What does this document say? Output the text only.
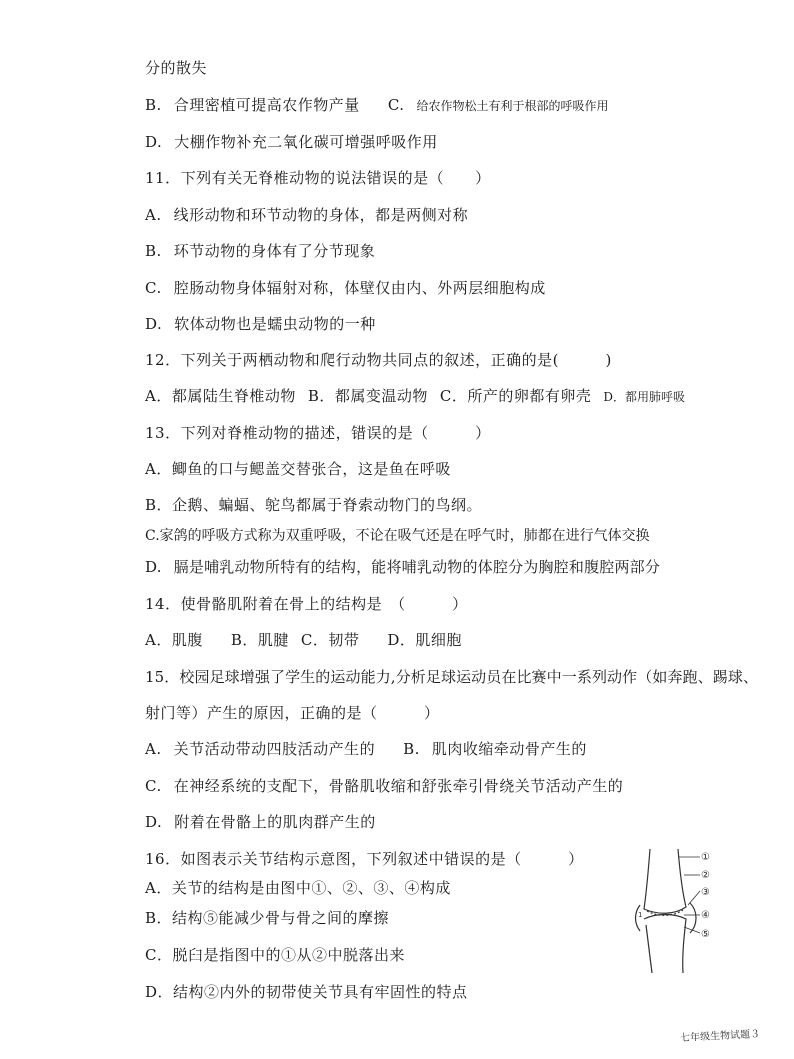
分的散失
B. 合理密植可提高农作物产量 C. 给农作物松土有利于根部的呼吸作用
D. 大棚作物补充二氧化碳可增强呼吸作用
11．下列有关无脊椎动物的说法错误的是（　　）
A. 线形动物和环节动物的身体，都是两侧对称
B. 环节动物的身体有了分节现象
C. 腔肠动物身体辐射对称，体壁仅由内、外两层细胞构成
D. 软体动物也是蠕虫动物的一种
12．下列关于两栖动物和爬行动物共同点的叙述，正确的是(　　　)
A．都属陆生脊椎动物 B．都属变温动物 C．所产的卵都有卵壳 D．都用肺呼吸
13．下列对脊椎动物的描述，错误的是（　　　）
A．鲫鱼的口与鳃盖交替张合，这是鱼在呼吸
B．企鹅、蝙蝠、鸵鸟都属于脊索动物门的鸟纲。
C.家鸽的呼吸方式称为双重呼吸，不论在吸气还是在呼气时，肺都在进行气体交换
D. 膈是哺乳动物所特有的结构，能将哺乳动物的体腔分为胸腔和腹腔两部分
14．使骨骼肌附着在骨上的结构是　（　　　）
A．肌腹 B．肌腱 C．韧带 D．肌细胞
15．校园足球增强了学生的运动能力,分析足球运动员在比赛中一系列动作（如奔跑、踢球、
射门等）产生的原因，正确的是（　　　）
A. 关节活动带动四肢活动产生的 B. 肌肉收缩牵动骨产生的
C. 在神经系统的支配下，骨骼肌收缩和舒张牵引骨绕关节活动产生的
D. 附着在骨骼上的肌肉群产生的
16．如图表示关节结构示意图，下列叙述中错误的是（　　　）
A．关节的结构是由图中①、②、③、④构成
B．结构⑤能减少骨与骨之间的摩擦
C．脱臼是指图中的①从②中脱落出来
D．结构②内外的韧带使关节具有牢固性的特点
1
①
②
③
④
⑤
七年级生物试题３
